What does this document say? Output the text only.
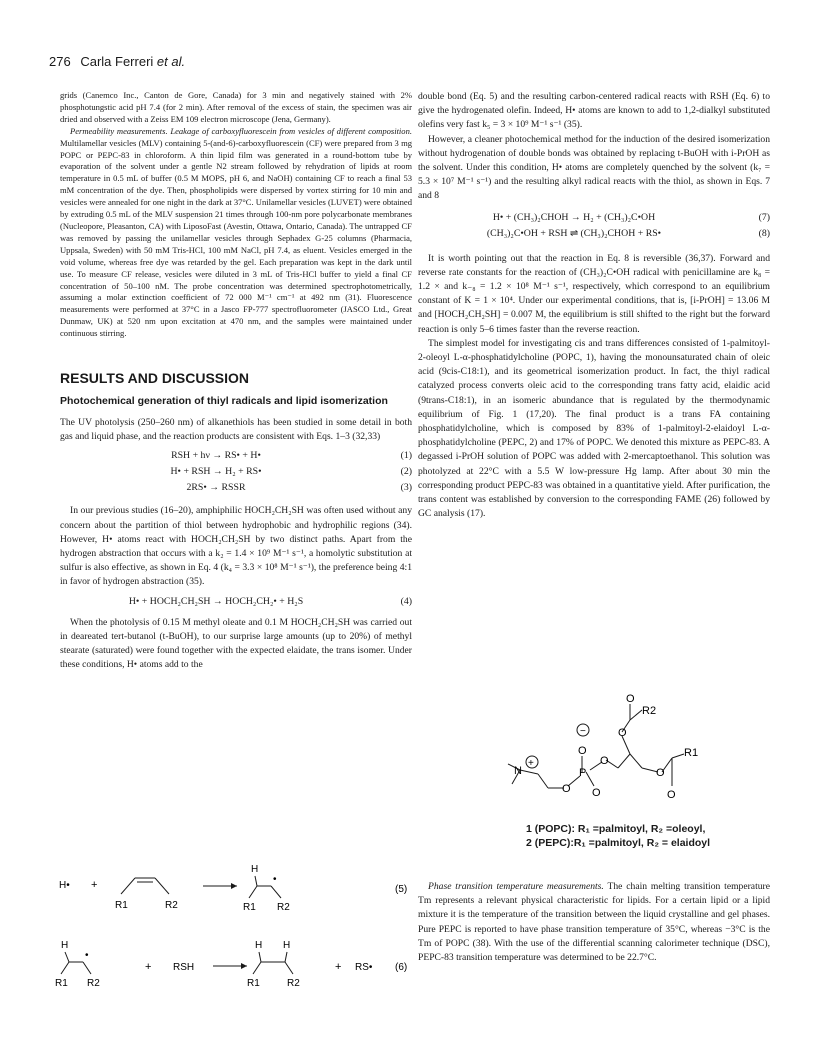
276 Carla Ferreri et al.

grids (Canemco Inc., Canton de Gore, Canada) for 3 min and negatively stained with 2% phosphotungstic acid pH 7.4 (for 2 min). After removal of the excess of stain, the specimen was air dried and observed with a Zeiss EM 109 electron microscope (Jena, Germany).

Permeability measurements. Leakage of carboxyfluorescein from vesicles of different composition. Multilamellar vesicles (MLV) containing 5-(and-6)-carboxyfluorescein (CF) were prepared from 3 mg POPC or PEPC-83 in chloroform. A thin lipid film was generated in a round-bottom tube by evaporation of the solvent under a gentle N2 stream followed by rehydration of lipids at room temperature in 0.5 mL of buffer (0.5 M MOPS, pH 6, and NaOH) containing CF to reach a final 53 mM concentration of the dye. Then, phospholipids were dispersed by vortex stirring for 10 min and vesicles were annealed for one night in the dark at 37°C. Unilamellar vesicles (LUVET) were obtained by extruding 0.5 mL of the MLV suspension 21 times through 100-nm pore polycarbonate membranes (Nucleopore, Pleasanton, CA) with LiposoFast (Avestin, Ottawa, Ontario, Canada). The untrapped CF was removed by passing the unilamellar vesicles through Sephadex G-25 columns (Pharmacia, Uppsala, Sweden) with 50 mM Tris-HCl, 100 mM NaCl, pH 7.4, as eluent. Vesicles emerged in the void volume, whereas free dye was retarded by the gel. Each preparation was kept in the dark until use. To measure CF release, vesicles were diluted in 3 mL of Tris-HCl buffer to yield a final CF concentration of 50–100 nM. The probe concentration was determined spectrophotometrically, assuming a molar extinction coefficient of 72 000 M⁻¹ cm⁻¹ at 492 nm (31). Fluorescence measurements were performed at 37°C in a Jasco FP-777 spectrofluorometer (JASCO Ltd., Great Dunmaw, UK) at 520 nm upon excitation at 470 nm, and the samples were maintained under continuous stirring.

RESULTS AND DISCUSSION

Photochemical generation of thiyl radicals and lipid isomerization

The UV photolysis (250–260 nm) of alkanethiols has been studied in some detail in both gas and liquid phase, and the reaction products are consistent with Eqs. 1–3 (32,33)

RSH + hν → RS• + H•	(1)
H• + RSH → H₂ + RS•	(2)
2RS• → RSSR	(3)

In our previous studies (16–20), amphiphilic HOCH₂CH₂SH was often used without any concern about the partition of thiol between hydrophobic and hydrophilic regions (34). However, H• atoms react with HOCH₂CH₂SH by two distinct paths. Apart from the hydrogen abstraction that occurs with a k₂ = 1.4 × 10⁹ M⁻¹ s⁻¹, a homolytic substitution at sulfur is also effective, as shown in Eq. 4 (k₄ = 3.3 × 10⁸ M⁻¹ s⁻¹), the preference being 4:1 in favor of hydrogen abstraction (35).

H• + HOCH₂CH₂SH → HOCH₂CH₂• + H₂S	(4)

When the photolysis of 0.15 M methyl oleate and 0.1 M HOCH₂CH₂SH was carried out in deareated tert-butanol (t-BuOH), to our surprise large amounts (up to 20%) of methyl stearate (saturated) were found together with the expected elaidate, the trans isomer. Under these conditions, H• atoms add to the

H• +
R1	R2
H
•
R1 R2
(5)
H
•
R1 R2
+ RSH
H H
R1	R2
+ RS• (6)

double bond (Eq. 5) and the resulting carbon-centered radical reacts with RSH (Eq. 6) to give the hydrogenated olefin. Indeed, H• atoms are known to add to 1,2-dialkyl substituted olefins very fast k₅ = 3 × 10⁹ M⁻¹ s⁻¹ (35).

However, a cleaner photochemical method for the induction of the desired isomerization without hydrogenation of double bonds was obtained by replacing t-BuOH with i-PrOH as the solvent. Under this condition, H• atoms are completely quenched by the solvent (k₇ = 5.3 × 10⁷ M⁻¹ s⁻¹) and the resulting alkyl radical reacts with the thiol, as shown in Eqs. 7 and 8

H• + (CH₃)₂CHOH → H₂ + (CH₃)₂C•OH	(7)
(CH₃)₂C•OH + RSH ⇌ (CH₃)₂CHOH + RS•	(8)

It is worth pointing out that the reaction in Eq. 8 is reversible (36,37). Forward and reverse rate constants for the reaction of (CH₃)₂C•OH radical with penicillamine are k₈ = 1.2 × and k₋₈ = 1.2 × 10⁸ M⁻¹ s⁻¹, respectively, which correspond to an equilibrium constant of K = 1 × 10⁴. Under our experimental conditions, that is, [i-PrOH] = 13.06 M and [HOCH₂CH₂SH] = 0.007 M, the equilibrium is still shifted to the right but the forward reaction is only 5–6 times faster than the reverse reaction.

The simplest model for investigating cis and trans differences consisted of 1-palmitoyl-2-oleoyl L-α-phosphatidylcholine (POPC, 1), having the monounsaturated chain of oleic acid (9cis-C18:1), and its geometrical isomerization product. In fact, the thiyl radical catalyzed process converts oleic acid to the corresponding trans fatty acid, elaidic acid (9trans-C18:1), in an isomeric abundance that is regulated by the thermodynamic equilibrium of Fig. 1 (17,20). The final product is a trans FA containing phosphatidylcholine, which is composed by 83% of 1-palmitoyl-2-elaidoyl L-α-phosphatidylcholine (PEPC, 2) and 17% of POPC. We denoted this mixture as PEPC-83. A degassed i-PrOH solution of POPC was added with 2-mercaptoethanol. This solution was photolyzed at 22°C with a 5.5 W low-pressure Hg lamp. After about 30 min the corresponding product PEPC-83 was obtained in a quantitative yield. After purification, the trans content was established by conversion to the corresponding FAME (26) followed by GC analysis (17).

−
+
N
O
O
P
O
O
O
O
R2
O
O
R1
1 (POPC): R₁ =palmitoyl, R₂ =oleoyl,
2 (PEPC):R₁ =palmitoyl, R₂ = elaidoyl

Phase transition temperature measurements. The chain melting transition temperature Tm represents a relevant physical characteristic for lipids. For a certain lipid or a lipid mixture it is the temperature of the transition between the liquid crystalline and gel phases. Pure PEPC is reported to have phase transition temperature of 35°C, whereas −3°C is the Tm of POPC (38). With the use of the differential scanning calorimeter technique (DSC), PEPC-83 transition temperature was determined to be 22.7°C.
